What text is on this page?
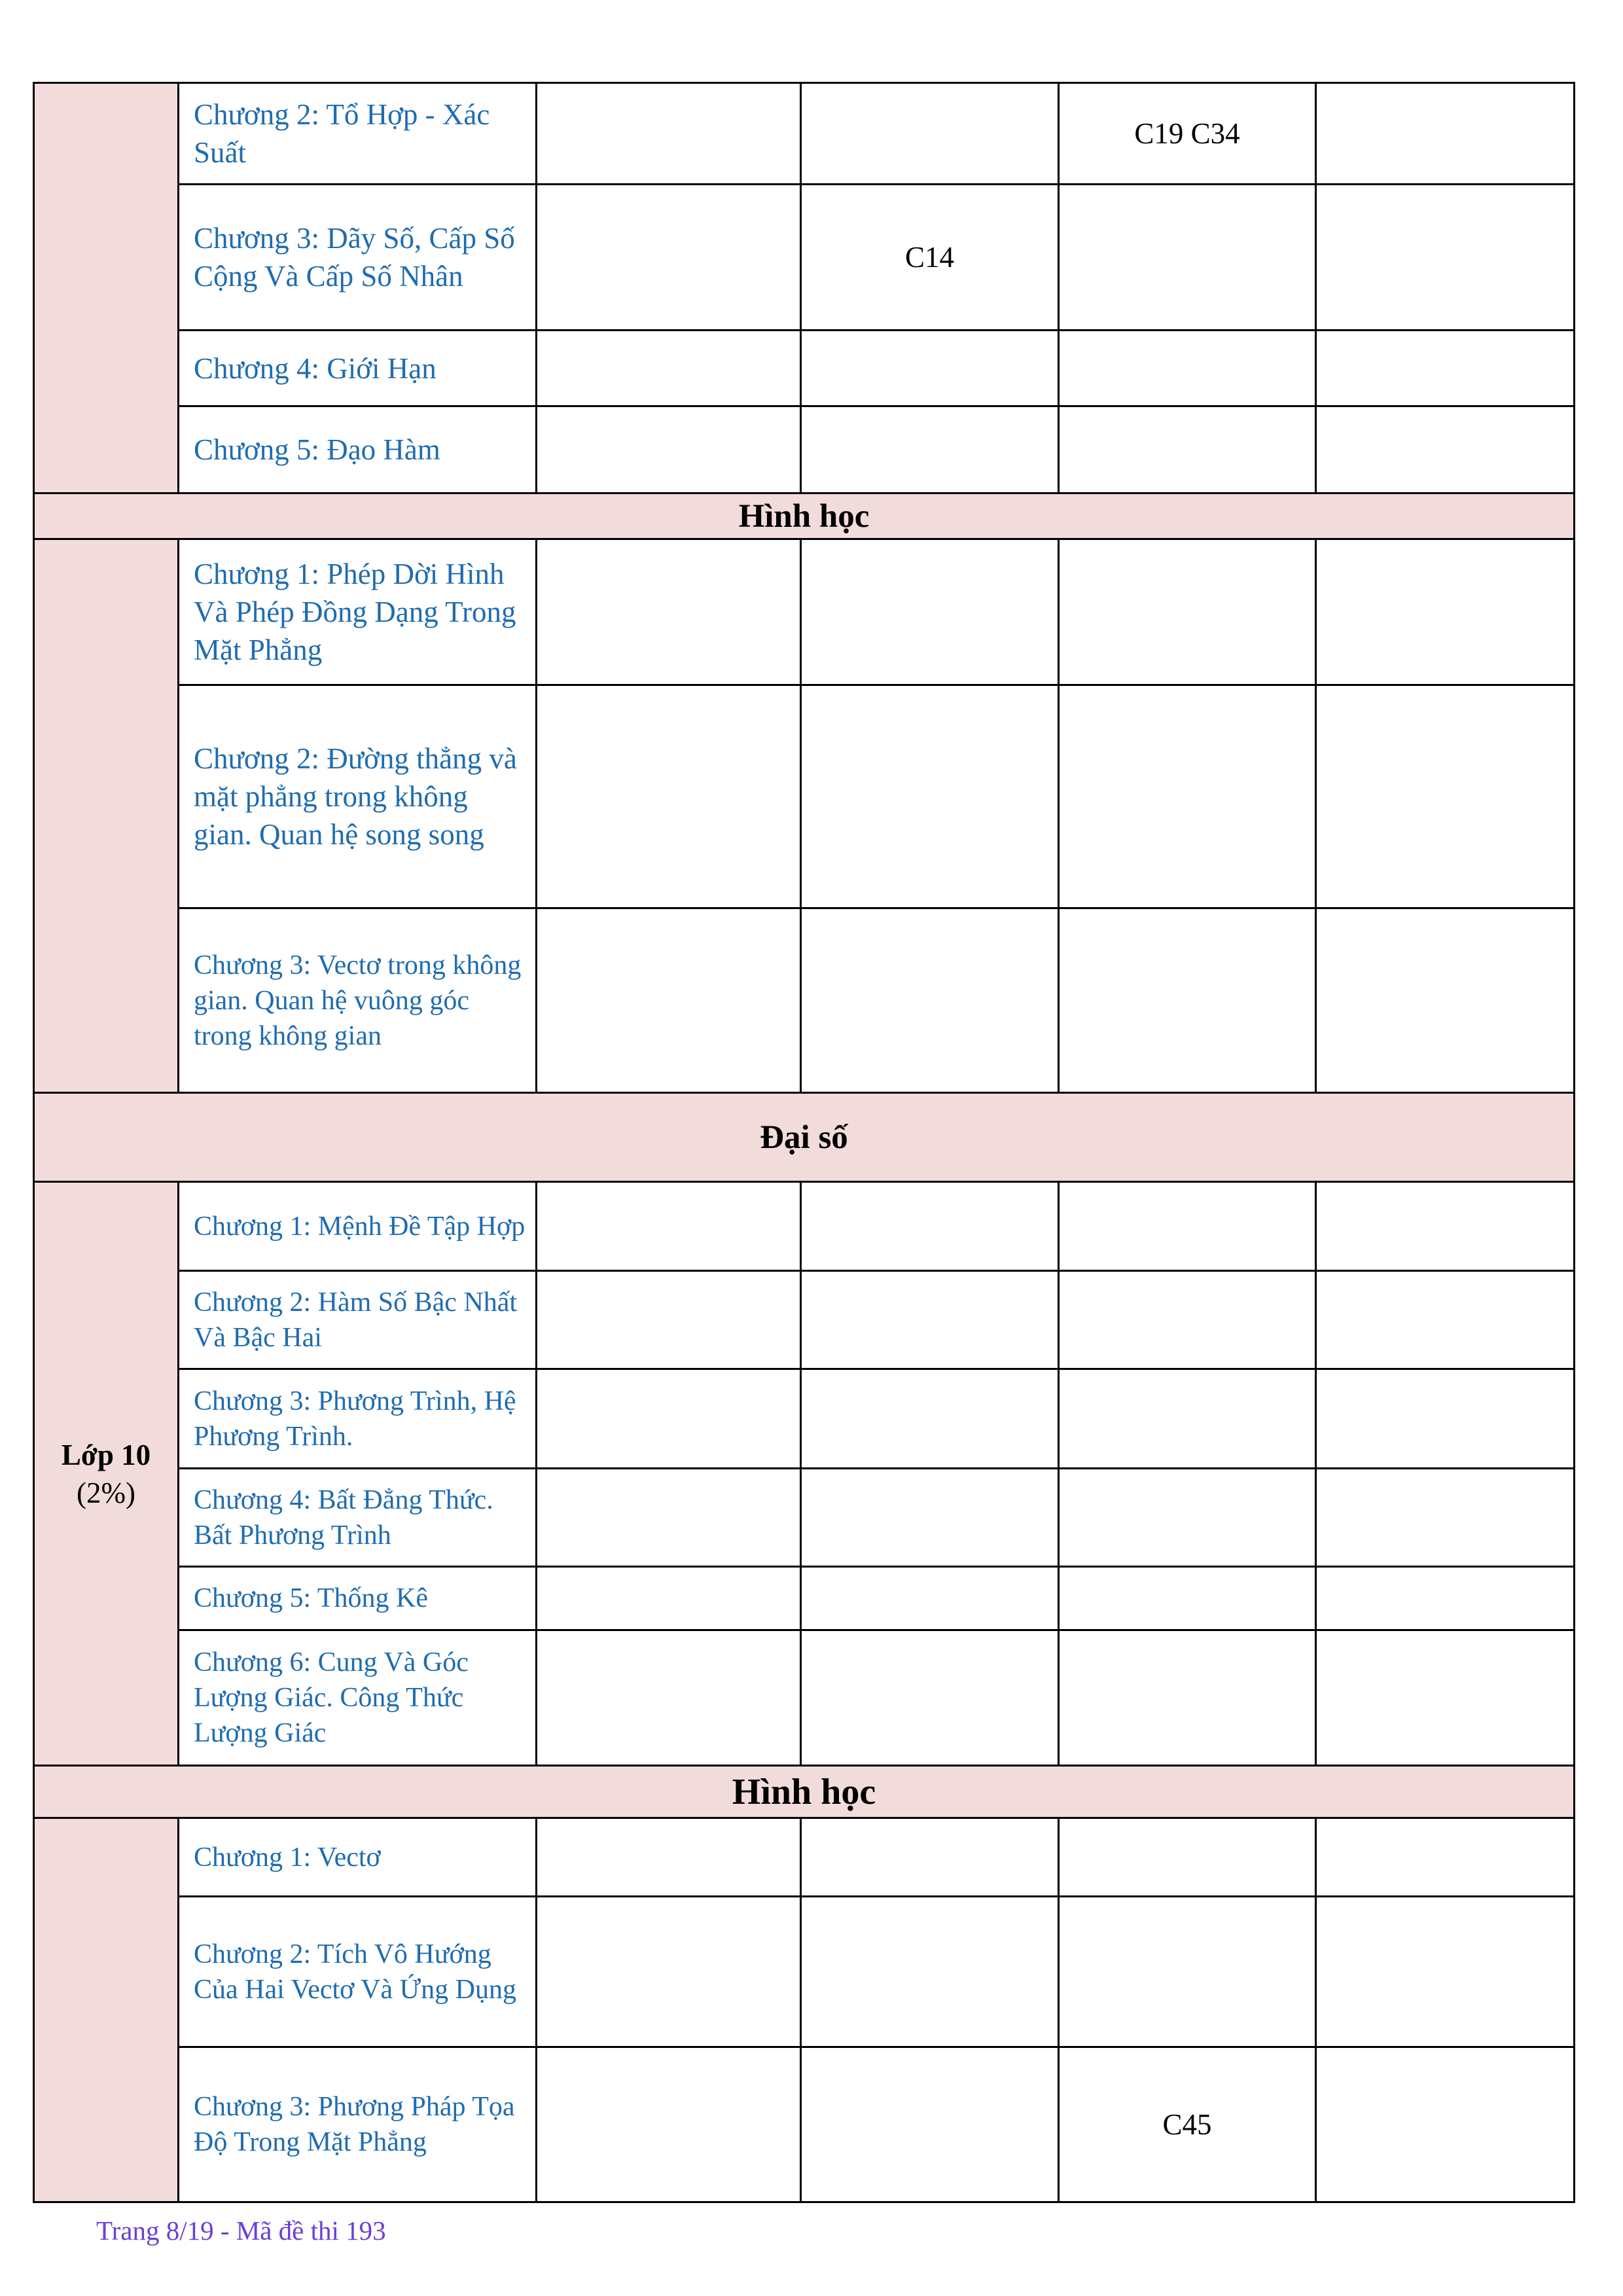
	Chương 2: Tổ Hợp - Xác Suất			C19 C34	
	Chương 3: Dãy Số, Cấp Số Cộng Và Cấp Số Nhân		C14		
	Chương 4: Giới Hạn				
	Chương 5: Đạo Hàm				
Hình học					
	Chương 1: Phép Dời Hình Và Phép Đồng Dạng Trong Mặt Phẳng				
	Chương 2: Đường thẳng và mặt phẳng trong không gian. Quan hệ song song				
	Chương 3: Vectơ trong không gian. Quan hệ vuông góc trong không gian				
Đại số					

Lớp 10
(2%)	Chương 1: Mệnh Đề Tập Hợp				
	Chương 2: Hàm Số Bậc Nhất Và Bậc Hai				
	Chương 3: Phương Trình, Hệ Phương Trình.				
	Chương 4: Bất Đẳng Thức. Bất Phương Trình				
	Chương 5: Thống Kê				
	Chương 6: Cung Và Góc Lượng Giác. Công Thức Lượng Giác				
Hình học					
	Chương 1: Vectơ				
	Chương 2: Tích Vô Hướng Của Hai Vectơ Và Ứng Dụng				
	Chương 3: Phương Pháp Tọa Độ Trong Mặt Phẳng			C45	
Trang 8/19 - Mã đề thi 193
